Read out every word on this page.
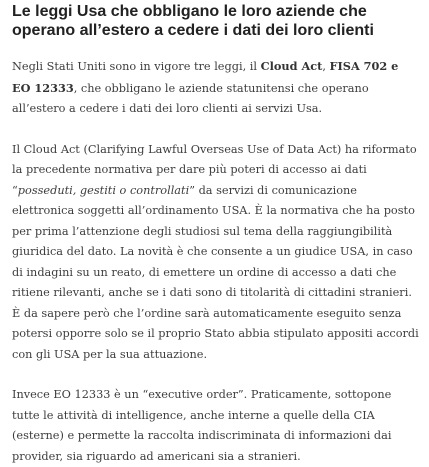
Le leggi Usa che obbligano le loro aziende che operano all’estero a cedere i dati dei loro clienti

Negli Stati Uniti sono in vigore tre leggi, il Cloud Act, FISA 702 e EO 12333, che obbligano le aziende statunitensi che operano all’estero a cedere i dati dei loro clienti ai servizi Usa.

Il Cloud Act (Clarifying Lawful Overseas Use of Data Act) ha riformato la precedente normativa per dare più poteri di accesso ai dati “posseduti, gestiti o controllati” da servizi di comunicazione elettronica soggetti all’ordinamento USA. È la normativa che ha posto per prima l’attenzione degli studiosi sul tema della raggiungibilità giuridica del dato. La novità è che consente a un giudice USA, in caso di indagini su un reato, di emettere un ordine di accesso a dati che ritiene rilevanti, anche se i dati sono di titolarità di cittadini stranieri. È da sapere però che l’ordine sarà automaticamente eseguito senza potersi opporre solo se il proprio Stato abbia stipulato appositi accordi con gli USA per la sua attuazione.

Invece EO 12333 è un “executive order”. Praticamente, sottopone tutte le attività di intelligence, anche interne a quelle della CIA (esterne) e permette la raccolta indiscriminata di informazioni dai provider, sia riguardo ad americani sia a stranieri.
